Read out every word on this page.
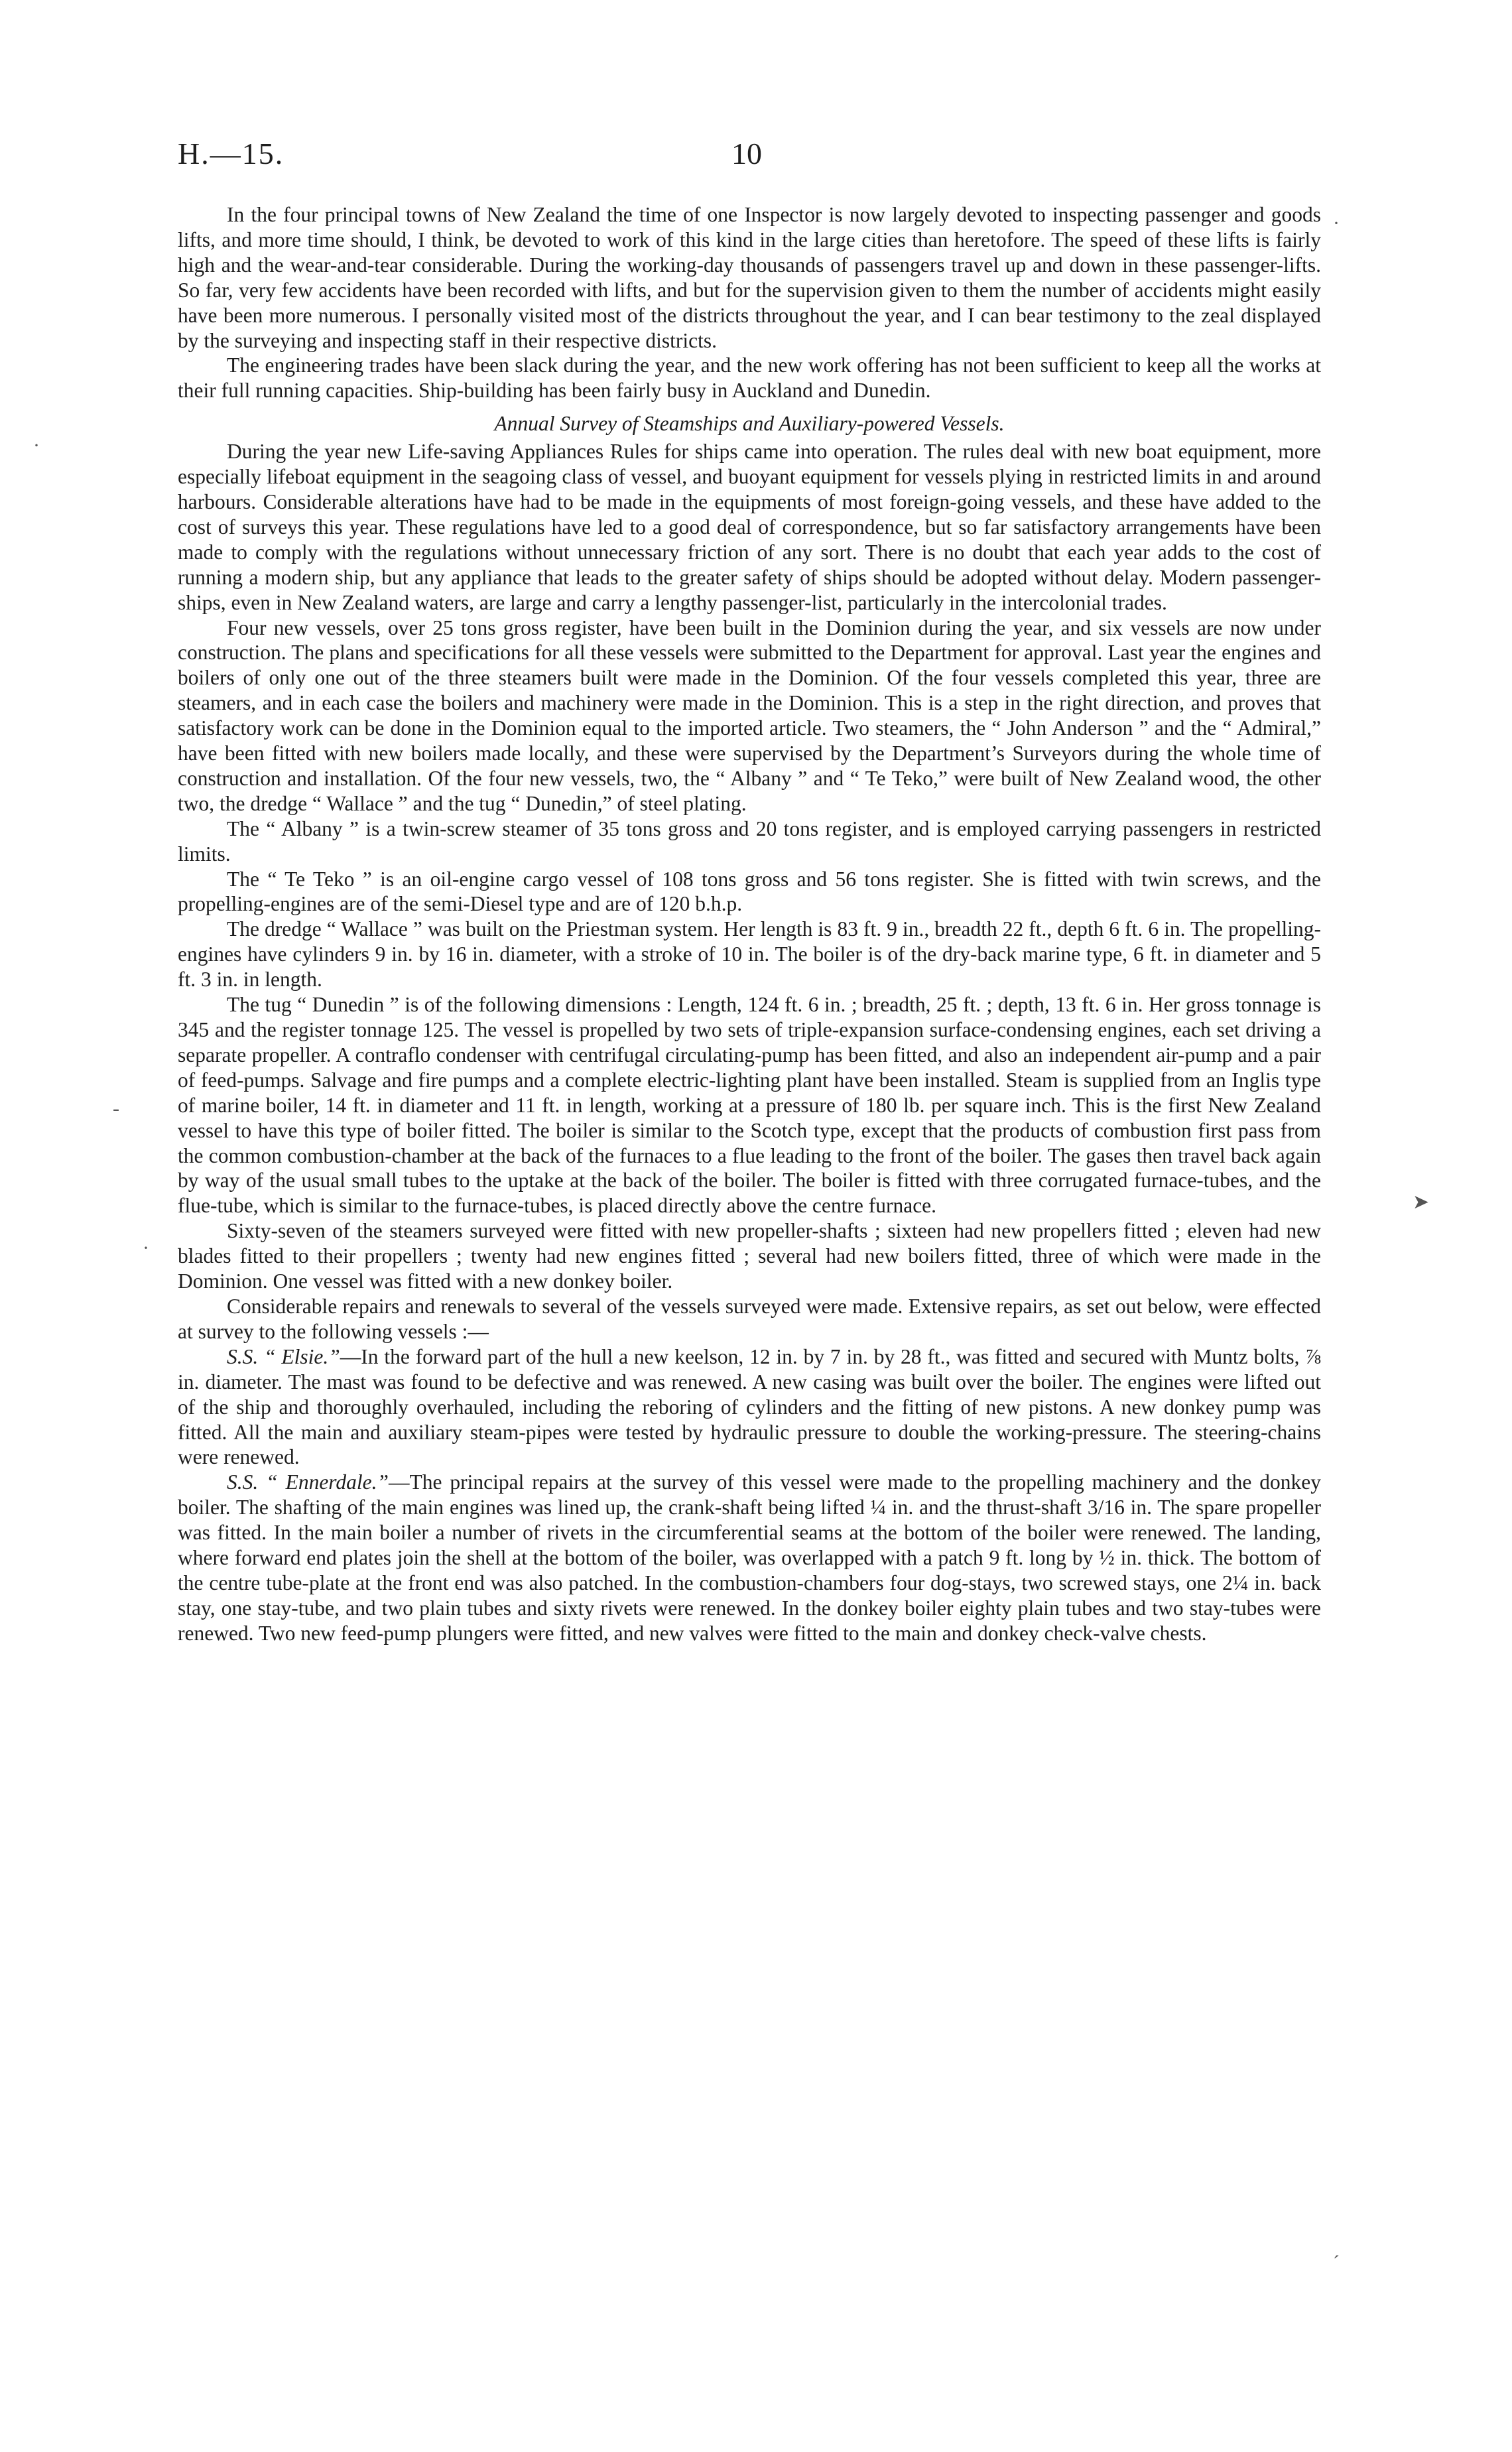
H.—15.	10

In the four principal towns of New Zealand the time of one Inspector is now largely devoted to inspecting passenger and goods lifts, and more time should, I think, be devoted to work of this kind in the large cities than heretofore. The speed of these lifts is fairly high and the wear-and-tear considerable. During the working-day thousands of passengers travel up and down in these passenger-lifts. So far, very few accidents have been recorded with lifts, and but for the supervision given to them the number of accidents might easily have been more numerous. I personally visited most of the districts throughout the year, and I can bear testimony to the zeal displayed by the surveying and inspecting staff in their respective districts.

The engineering trades have been slack during the year, and the new work offering has not been sufficient to keep all the works at their full running capacities. Ship-building has been fairly busy in Auckland and Dunedin.

Annual Survey of Steamships and Auxiliary-powered Vessels.

During the year new Life-saving Appliances Rules for ships came into operation. The rules deal with new boat equipment, more especially lifeboat equipment in the seagoing class of vessel, and buoyant equipment for vessels plying in restricted limits in and around harbours. Considerable alterations have had to be made in the equipments of most foreign-going vessels, and these have added to the cost of surveys this year. These regulations have led to a good deal of correspondence, but so far satisfactory arrangements have been made to comply with the regulations without unnecessary friction of any sort. There is no doubt that each year adds to the cost of running a modern ship, but any appliance that leads to the greater safety of ships should be adopted without delay. Modern passenger-ships, even in New Zealand waters, are large and carry a lengthy passenger-list, particularly in the intercolonial trades.

Four new vessels, over 25 tons gross register, have been built in the Dominion during the year, and six vessels are now under construction. The plans and specifications for all these vessels were submitted to the Department for approval. Last year the engines and boilers of only one out of the three steamers built were made in the Dominion. Of the four vessels completed this year, three are steamers, and in each case the boilers and machinery were made in the Dominion. This is a step in the right direction, and proves that satisfactory work can be done in the Dominion equal to the imported article. Two steamers, the “ John Anderson ” and the “ Admiral,” have been fitted with new boilers made locally, and these were supervised by the Department’s Surveyors during the whole time of construction and installation. Of the four new vessels, two, the “ Albany ” and “ Te Teko,” were built of New Zealand wood, the other two, the dredge “ Wallace ” and the tug “ Dunedin,” of steel plating.

The “ Albany ” is a twin-screw steamer of 35 tons gross and 20 tons register, and is employed carrying passengers in restricted limits.

The “ Te Teko ” is an oil-engine cargo vessel of 108 tons gross and 56 tons register. She is fitted with twin screws, and the propelling-engines are of the semi-Diesel type and are of 120 b.h.p.

The dredge “ Wallace ” was built on the Priestman system. Her length is 83 ft. 9 in., breadth 22 ft., depth 6 ft. 6 in. The propelling-engines have cylinders 9 in. by 16 in. diameter, with a stroke of 10 in. The boiler is of the dry-back marine type, 6 ft. in diameter and 5 ft. 3 in. in length.

The tug “ Dunedin ” is of the following dimensions : Length, 124 ft. 6 in. ; breadth, 25 ft. ; depth, 13 ft. 6 in. Her gross tonnage is 345 and the register tonnage 125. The vessel is propelled by two sets of triple-expansion surface-condensing engines, each set driving a separate propeller. A contraflo condenser with centrifugal circulating-pump has been fitted, and also an independent air-pump and a pair of feed-pumps. Salvage and fire pumps and a complete electric-lighting plant have been installed. Steam is supplied from an Inglis type of marine boiler, 14 ft. in diameter and 11 ft. in length, working at a pressure of 180 lb. per square inch. This is the first New Zealand vessel to have this type of boiler fitted. The boiler is similar to the Scotch type, except that the products of combustion first pass from the common combustion-chamber at the back of the furnaces to a flue leading to the front of the boiler. The gases then travel back again by way of the usual small tubes to the uptake at the back of the boiler. The boiler is fitted with three corrugated furnace-tubes, and the flue-tube, which is similar to the furnace-tubes, is placed directly above the centre furnace.

Sixty-seven of the steamers surveyed were fitted with new propeller-shafts ; sixteen had new propellers fitted ; eleven had new blades fitted to their propellers ; twenty had new engines fitted ; several had new boilers fitted, three of which were made in the Dominion. One vessel was fitted with a new donkey boiler.

Considerable repairs and renewals to several of the vessels surveyed were made. Extensive repairs, as set out below, were effected at survey to the following vessels :—

S.S. “ Elsie.”—In the forward part of the hull a new keelson, 12 in. by 7 in. by 28 ft., was fitted and secured with Muntz bolts, ⅞ in. diameter. The mast was found to be defective and was renewed. A new casing was built over the boiler. The engines were lifted out of the ship and thoroughly overhauled, including the reboring of cylinders and the fitting of new pistons. A new donkey pump was fitted. All the main and auxiliary steam-pipes were tested by hydraulic pressure to double the working-pressure. The steering-chains were renewed.

S.S. “ Ennerdale.”—The principal repairs at the survey of this vessel were made to the propelling machinery and the donkey boiler. The shafting of the main engines was lined up, the crank-shaft being lifted ¼ in. and the thrust-shaft 3/16 in. The spare propeller was fitted. In the main boiler a number of rivets in the circumferential seams at the bottom of the boiler were renewed. The landing, where forward end plates join the shell at the bottom of the boiler, was overlapped with a patch 9 ft. long by ½ in. thick. The bottom of the centre tube-plate at the front end was also patched. In the combustion-chambers four dog-stays, two screwed stays, one 2¼ in. back stay, one stay-tube, and two plain tubes and sixty rivets were renewed. In the donkey boiler eighty plain tubes and two stay-tubes were renewed. Two new feed-pump plungers were fitted, and new valves were fitted to the main and donkey check-valve chests.

·
·
-
➤
·
´
